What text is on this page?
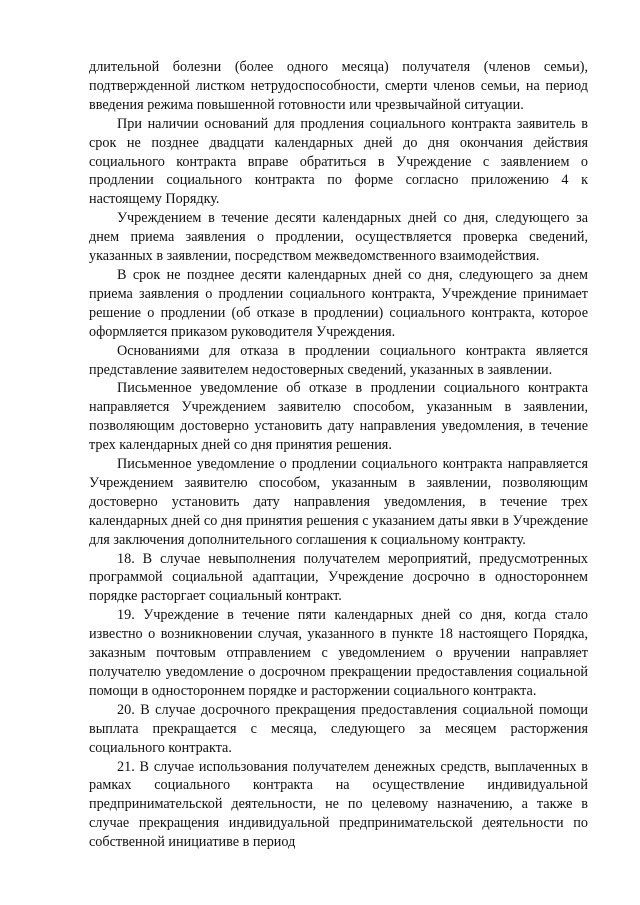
длительной болезни (более одного месяца) получателя (членов семьи), подтвержденной листком нетрудоспособности, смерти членов семьи, на период введения режима повышенной готовности или чрезвычайной ситуации.

При наличии оснований для продления социального контракта заявитель в срок не позднее двадцати календарных дней до дня окончания действия социального контракта вправе обратиться в Учреждение с заявлением о продлении социального контракта по форме согласно приложению 4 к настоящему Порядку.

Учреждением в течение десяти календарных дней со дня, следующего за днем приема заявления о продлении, осуществляется проверка сведений, указанных в заявлении, посредством межведомственного взаимодействия.

В срок не позднее десяти календарных дней со дня, следующего за днем приема заявления о продлении социального контракта, Учреждение принимает решение о продлении (об отказе в продлении) социального контракта, которое оформляется приказом руководителя Учреждения.

Основаниями для отказа в продлении социального контракта является представление заявителем недостоверных сведений, указанных в заявлении.

Письменное уведомление об отказе в продлении социального контракта направляется Учреждением заявителю способом, указанным в заявлении, позволяющим достоверно установить дату направления уведомления, в течение трех календарных дней со дня принятия решения.

Письменное уведомление о продлении социального контракта направляется Учреждением заявителю способом, указанным в заявлении, позволяющим достоверно установить дату направления уведомления, в течение трех календарных дней со дня принятия решения с указанием даты явки в Учреждение для заключения дополнительного соглашения к социальному контракту.

18. В случае невыполнения получателем мероприятий, предусмотренных программой социальной адаптации, Учреждение досрочно в одностороннем порядке расторгает социальный контракт.

19. Учреждение в течение пяти календарных дней со дня, когда стало известно о возникновении случая, указанного в пункте 18 настоящего Порядка, заказным почтовым отправлением с уведомлением о вручении направляет получателю уведомление о досрочном прекращении предоставления социальной помощи в одностороннем порядке и расторжении социального контракта.

20. В случае досрочного прекращения предоставления социальной помощи выплата прекращается с месяца, следующего за месяцем расторжения социального контракта.

21. В случае использования получателем денежных средств, выплаченных в рамках социального контракта на осуществление индивидуальной предпринимательской деятельности, не по целевому назначению, а также в случае прекращения индивидуальной предпринимательской деятельности по собственной инициативе в период
